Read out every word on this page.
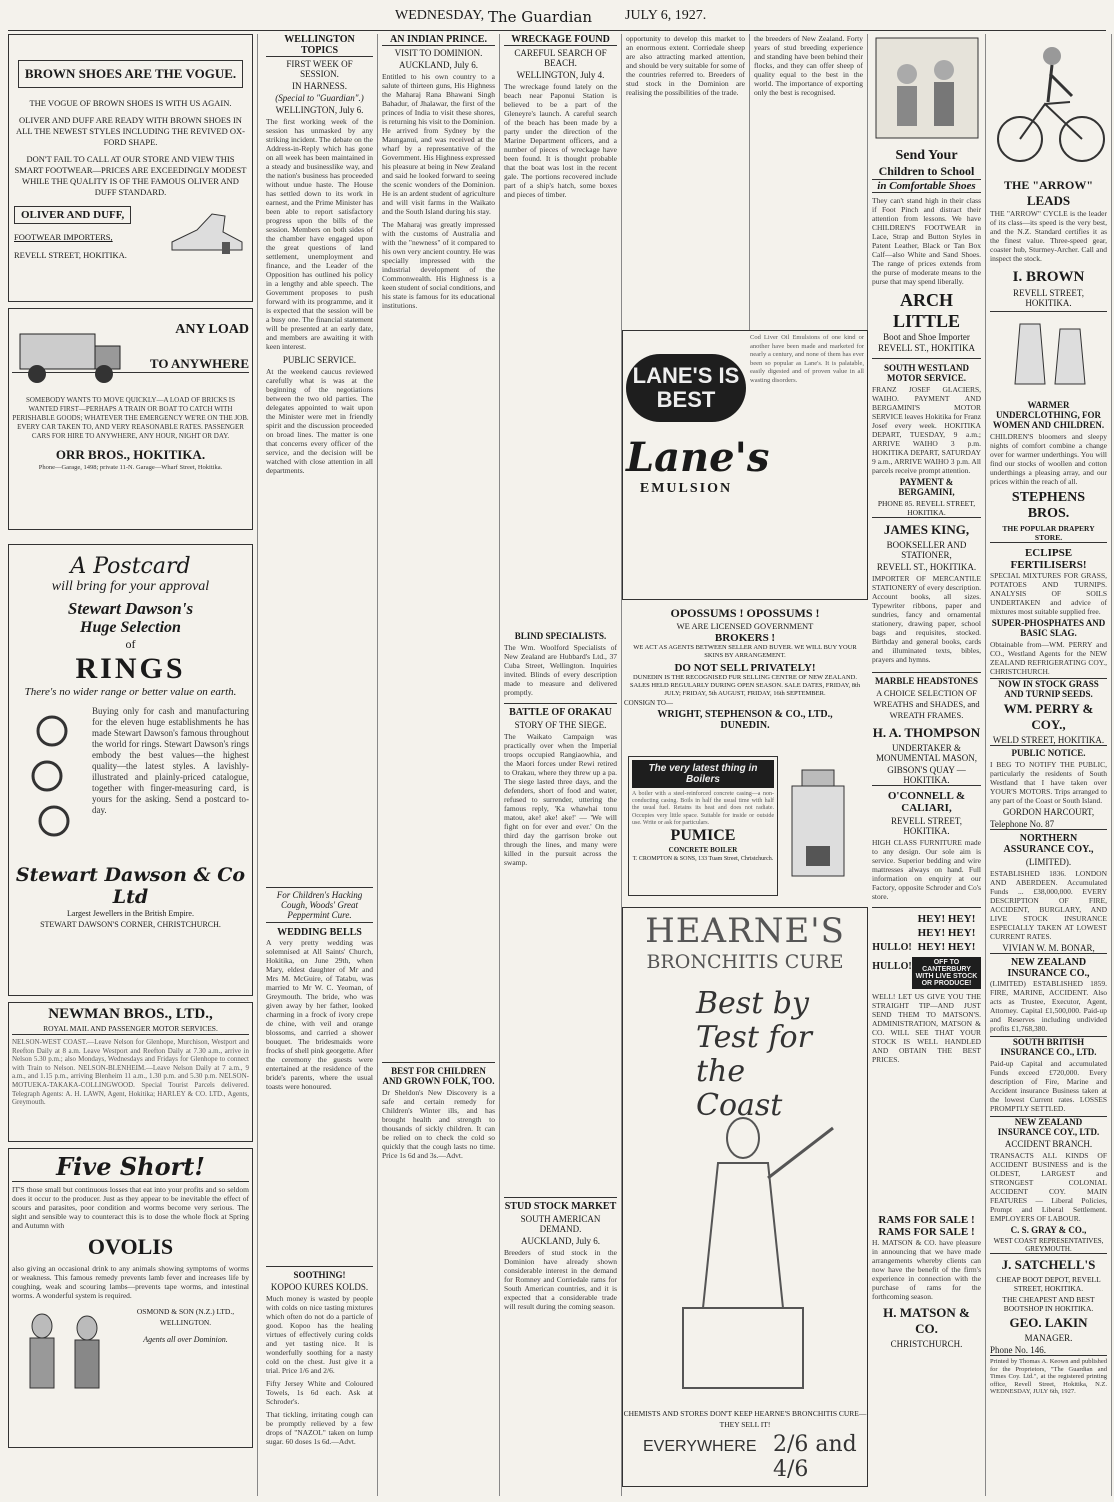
WEDNESDAY, The Guardian JULY 6, 1927.
BROWN SHOES ARE THE VOGUE.
THE VOGUE OF BROWN SHOES IS WITH US AGAIN.
OLIVER AND DUFF ARE READY WITH BROWN SHOES IN ALL THE NEWEST STYLES INCLUDING THE REVIVED OX-FORD SHAPE.
DON'T FAIL TO CALL AT OUR STORE AND VIEW THIS SMART FOOTWEAR—PRICES ARE EXCEEDINGLY MODEST WHILE THE QUALITY IS OF THE FAMOUS OLIVER AND DUFF STANDARD.
OLIVER AND DUFF,
FOOTWEAR IMPORTERS,
REVELL STREET, HOKITIKA.
ANY LOAD
TO ANYWHERE
SOMEBODY WANTS TO MOVE QUICKLY—A LOAD OF BRICKS IS WANTED FIRST—PERHAPS A TRAIN OR BOAT TO CATCH WITH PERISHABLE GOODS; WHATEVER THE EMERGENCY WE'RE ON THE JOB. EVERY CAR TAKEN TO, AND VERY REASONABLE RATES. PASSENGER CARS FOR HIRE TO ANYWHERE, ANY HOUR, NIGHT OR DAY.
ORR BROS., HOKITIKA.
Phone—Garage, 1498; private 11-N. Garage—Wharf Street, Hokitika.
A Postcard
will bring for your approval
Stewart Dawson's
Huge Selection
of
RINGS
There's no wider range or better value on earth.
Buying only for cash and manufacturing for the eleven huge establishments he has made Stewart Dawson's famous throughout the world for rings. Stewart Dawson's rings embody the best values—the highest quality—the latest styles. A lavishly-illustrated and plainly-priced catalogue, together with finger-measuring card, is yours for the asking. Send a postcard to-day.
Stewart Dawson & Co Ltd
Largest Jewellers in the British Empire.
STEWART DAWSON'S CORNER, CHRISTCHURCH.
NEWMAN BROS., LTD.,
ROYAL MAIL AND PASSENGER MOTOR SERVICES.
NELSON-WEST COAST.—Leave Nelson for Glenhope, Murchison, Westport and Reefton Daily at 8 a.m. Leave Westport and Reefton Daily at 7.30 a.m., arrive in Nelson 5.30 p.m.; also Mondays, Wednesdays and Fridays for Glenhope to connect with Train to Nelson. NELSON-BLENHEIM.—Leave Nelson Daily at 7 a.m., 9 a.m., and 1.15 p.m., arriving Blenheim 11 a.m., 1.30 p.m. and 5.30 p.m. NELSON-MOTUEKA-TAKAKA-COLLINGWOOD. Special Tourist Parcels delivered. Telegraph Agents: A. H. LAWN, Agent, Hokitika; HARLEY & CO. LTD., Agents, Greymouth.
Five Short!
IT'S those small but continuous losses that eat into your profits and so seldom does it occur to the producer. Just as they appear to be inevitable the effect of scours and parasites, poor condition and worms become very serious. The sight and sensible way to counteract this is to dose the whole flock at Spring and Autumn with
OVOLIS
also giving an occasional drink to any animals showing symptoms of worms or weakness. This famous remedy prevents lamb fever and increases life by coughing, weak and scouring lambs—prevents tape worms, and intestinal worms. A wonderful system is required.
OSMOND & SON (N.Z.) LTD., WELLINGTON.
Agents all over Dominion.
WELLINGTON TOPICS
FIRST WEEK OF SESSION.
IN HARNESS.
(Special to "Guardian".)
WELLINGTON, July 6.
The first working week of the session has unmasked by any striking incident. The debate on the Address-in-Reply which has gone on all week has been maintained in a steady and businesslike way, and the nation's business has proceeded without undue haste. The House has settled down to its work in earnest, and the Prime Minister has been able to report satisfactory progress upon the bills of the session. Members on both sides of the chamber have engaged upon the great questions of land settlement, unemployment and finance, and the Leader of the Opposition has outlined his policy in a lengthy and able speech. The Government proposes to push forward with its programme, and it is expected that the session will be a busy one. The financial statement will be presented at an early date, and members are awaiting it with keen interest.
PUBLIC SERVICE.
At the weekend caucus reviewed carefully what is was at the beginning of the negotiations between the two old parties. The delegates appointed to wait upon the Minister were met in friendly spirit and the discussion proceeded on broad lines. The matter is one that concerns every officer of the service, and the decision will be watched with close attention in all departments.
For Children's Hacking Cough, Woods' Great Peppermint Cure.
WEDDING BELLS
A very pretty wedding was solemnised at All Saints' Church, Hokitika, on June 29th, when Mary, eldest daughter of Mr and Mrs M. McGuire, of Tatabu, was married to Mr W. C. Yeoman, of Greymouth. The bride, who was given away by her father, looked charming in a frock of ivory crepe de chine, with veil and orange blossoms, and carried a shower bouquet. The bridesmaids wore frocks of shell pink georgette. After the ceremony the guests were entertained at the residence of the bride's parents, where the usual toasts were honoured.
SOOTHING!
KOPOO KURES KOLDS.
Much money is wasted by people with colds on nice tasting mixtures which often do not do a particle of good. Kopoo has the healing virtues of effectively curing colds and yet tasting nice. It is wonderfully soothing for a nasty cold on the chest. Just give it a trial. Price 1/6 and 2/6.
Fifty Jersey White and Coloured Towels, 1s 6d each. Ask at Schroder's.
That tickling, irritating cough can be promptly relieved by a few drops of "NAZOL" taken on lump sugar. 60 doses 1s 6d.—Advt.
AN INDIAN PRINCE.
VISIT TO DOMINION.
AUCKLAND, July 6.
Entitled to his own country to a salute of thirteen guns, His Highness the Maharaj Rana Bhawani Singh Bahadur, of Jhalawar, the first of the princes of India to visit these shores, is returning his visit to the Dominion. He arrived from Sydney by the Maunganui, and was received at the wharf by a representative of the Government. His Highness expressed his pleasure at being in New Zealand and said he looked forward to seeing the scenic wonders of the Dominion. He is an ardent student of agriculture and will visit farms in the Waikato and the South Island during his stay.
The Maharaj was greatly impressed with the customs of Australia and with the "newness" of it compared to his own very ancient country. He was specially impressed with the industrial development of the Commonwealth. His Highness is a keen student of social conditions, and his state is famous for its educational institutions.
BEST FOR CHILDREN AND GROWN FOLK, TOO.
Dr Sheldon's New Discovery is a safe and certain remedy for Children's Winter ills, and has brought health and strength to thousands of sickly children. It can be relied on to check the cold so quickly that the cough lasts no time. Price 1s 6d and 3s.—Advt.
WRECKAGE FOUND
CAREFUL SEARCH OF BEACH.
WELLINGTON, July 4.
The wreckage found lately on the beach near Paponui Station is believed to be a part of the Gleneyre's launch. A careful search of the beach has been made by a party under the direction of the Marine Department officers, and a number of pieces of wreckage have been found. It is thought probable that the boat was lost in the recent gale. The portions recovered include part of a ship's hatch, some boxes and pieces of timber.
BLIND SPECIALISTS.
The Wm. Woolford Specialists of New Zealand are Hubbard's Ltd., 37 Cuba Street, Wellington. Inquiries invited. Blinds of every description made to measure and delivered promptly.
BATTLE OF ORAKAU
STORY OF THE SIEGE.
The Waikato Campaign was practically over when the Imperial troops occupied Rangiaowhia, and the Maori forces under Rewi retired to Orakau, where they threw up a pa. The siege lasted three days, and the defenders, short of food and water, refused to surrender, uttering the famous reply, 'Ka whawhai tonu matou, ake! ake! ake!' — 'We will fight on for ever and ever.' On the third day the garrison broke out through the lines, and many were killed in the pursuit across the swamp.
STUD STOCK MARKET
SOUTH AMERICAN DEMAND.
AUCKLAND, July 6.
Breeders of stud stock in the Dominion have already shown considerable interest in the demand for Romney and Corriedale rams for South American countries, and it is expected that a considerable trade will result during the coming season.
opportunity to develop this market to an enormous extent. Corriedale sheep are also attracting marked attention, and should be very suitable for some of the countries referred to. Breeders of stud stock in the Dominion are realising the possibilities of the trade.
the breeders of New Zealand. Forty years of stud breeding experience and standing have been behind their flocks, and they can offer sheep of quality equal to the best in the world. The importance of exporting only the best is recognised.
LANE'S IS BEST
Lane's
EMULSION
Cod Liver Oil Emulsions of one kind or another have been made and marketed for nearly a century, and none of them has ever been so popular as Lane's. It is palatable, easily digested and of proven value in all wasting disorders.
OPOSSUMS ! OPOSSUMS !
WE ARE LICENSED GOVERNMENT
BROKERS !
WE ACT AS AGENTS BETWEEN SELLER AND BUYER. WE WILL BUY YOUR SKINS BY ARRANGEMENT.
DO NOT SELL PRIVATELY!
DUNEDIN IS THE RECOGNISED FUR SELLING CENTRE OF NEW ZEALAND.
SALES HELD REGULARLY DURING OPEN SEASON. SALE DATES, FRIDAY, 8th JULY; FRIDAY, 5th AUGUST, FRIDAY, 16th SEPTEMBER.
CONSIGN TO—
WRIGHT, STEPHENSON & CO., LTD.,
DUNEDIN.
The very latest thing in Boilers
A boiler with a steel-reinforced concrete casing—a non-conducting casing. Boils in half the usual time with half the usual fuel. Retains its heat and does not radiate. Occupies very little space. Suitable for inside or outside use. Write or ask for particulars.
PUMICE
CONCRETE BOILER
T. CROMPTON & SONS, 133 Tuam Street, Christchurch.
HEARNE'S
BRONCHITIS CURE
Best by Test for the Coast
CHEMISTS AND STORES DON'T KEEP HEARNE'S BRONCHITIS CURE—THEY SELL IT!
EVERYWHERE 2/6 and 4/6
Send Your
Children to School
in Comfortable Shoes
They can't stand high in their class if Foot Pinch and distract their attention from lessons. We have CHILDREN'S FOOTWEAR in Lace, Strap and Button Styles in Patent Leather, Black or Tan Box Calf—also White and Sand Shoes. The range of prices extends from the purse of moderate means to the purse that may spend liberally.
ARCH LITTLE
Boot and Shoe Importer
REVELL ST., HOKITIKA
SOUTH WESTLAND MOTOR SERVICE.
FRANZ JOSEF GLACIERS, WAIHO. PAYMENT AND BERGAMINI'S MOTOR SERVICE leaves Hokitika for Franz Josef every week. HOKITIKA DEPART, TUESDAY, 9 a.m.; ARRIVE WAIHO 3 p.m. HOKITIKA DEPART, SATURDAY 9 a.m., ARRIVE WAIHO 3 p.m. All parcels receive prompt attention.
PAYMENT & BERGAMINI,
PHONE 85. REVELL STREET, HOKITIKA.
JAMES KING,
BOOKSELLER AND STATIONER,
REVELL ST., HOKITIKA.
IMPORTER OF MERCANTILE STATIONERY of every description. Account books, all sizes. Typewriter ribbons, paper and sundries, fancy and ornamental stationery, drawing paper, school bags and requisites, stocked. Birthday and general books, cards and illuminated texts, bibles, prayers and hymns.
MARBLE HEADSTONES
A CHOICE SELECTION OF WREATHS and SHADES, and WREATH FRAMES.
H. A. THOMPSON
UNDERTAKER & MONUMENTAL MASON,
GIBSON'S QUAY — HOKITIKA.
O'CONNELL & CALIARI,
REVELL STREET, HOKITIKA.
HIGH CLASS FURNITURE made to any design. Our sole aim is service. Superior bedding and wire mattresses always on hand. Full information on enquiry at our Factory, opposite Schroder and Co's store.
HULLO!
HULLO!
HEY! HEY! HEY! HEY! HEY! HEY!
OFF TO CANTERBURY WITH LIVE STOCK OR PRODUCE!
WELL! LET US GIVE YOU THE STRAIGHT TIP—AND JUST SEND THEM TO MATSON'S. ADMINISTRATION, MATSON & CO. WILL SEE THAT YOUR STOCK IS WELL HANDLED AND OBTAIN THE BEST PRICES.
RAMS FOR SALE !
RAMS FOR SALE !
H. MATSON & CO. have pleasure in announcing that we have made arrangements whereby clients can now have the benefit of the firm's experience in connection with the purchase of rams for the forthcoming season.
H. MATSON & CO.
CHRISTCHURCH.
THE "ARROW"
LEADS
THE "ARROW" CYCLE is the leader of its class—its speed is the very best, and the N.Z. Standard certifies it as the finest value. Three-speed gear, coaster hub, Sturmey-Archer. Call and inspect the stock.
I. BROWN
REVELL STREET, HOKITIKA.
WARMER UNDERCLOTHING, FOR WOMEN AND CHILDREN.
CHILDREN'S bloomers and sleepy nights of comfort combine a change over for warmer underthings. You will find our stocks of woollen and cotton underthings a pleasing array, and our prices within the reach of all.
STEPHENS BROS.
THE POPULAR DRAPERY STORE.
ECLIPSE FERTILISERS!
SPECIAL MIXTURES FOR GRASS, POTATOES AND TURNIPS. ANALYSIS OF SOILS UNDERTAKEN and advice of mixtures most suitable supplied free.
SUPER-PHOSPHATES AND BASIC SLAG.
Obtainable from—WM. PERRY and CO., Westland Agents for the NEW ZEALAND REFRIGERATING COY., CHRISTCHURCH.
NOW IN STOCK GRASS AND TURNIP SEEDS.
WM. PERRY & COY.,
WELD STREET, HOKITIKA.
PUBLIC NOTICE.
I BEG TO NOTIFY THE PUBLIC, particularly the residents of South Westland that I have taken over YOUR'S MOTORS. Trips arranged to any part of the Coast or South Island.
GORDON HARCOURT,
Telephone No. 87
NORTHERN ASSURANCE COY.,
(LIMITED).
ESTABLISHED 1836. LONDON AND ABERDEEN. Accumulated Funds ... £38,000,000. EVERY DESCRIPTION OF FIRE, ACCIDENT, BURGLARY, AND LIVE STOCK INSURANCE ESPECIALLY TAKEN AT LOWEST CURRENT RATES.
VIVIAN W. M. BONAR,
NEW ZEALAND INSURANCE CO.,
(LIMITED) ESTABLISHED 1859. FIRE, MARINE, ACCIDENT. Also acts as Trustee, Executor, Agent, Attorney. Capital £1,500,000. Paid-up and Reserves including undivided profits £1,768,380.
SOUTH BRITISH INSURANCE CO., LTD.
Paid-up Capital and accumulated Funds exceed £720,000. Every description of Fire, Marine and Accident insurance Business taken at the lowest Current rates. LOSSES PROMPTLY SETTLED.
NEW ZEALAND INSURANCE COY., LTD.
ACCIDENT BRANCH.
TRANSACTS ALL KINDS OF ACCIDENT BUSINESS and is the OLDEST, LARGEST and STRONGEST COLONIAL ACCIDENT COY. MAIN FEATURES — Liberal Policies, Prompt and Liberal Settlement. EMPLOYERS OF LABOUR.
C. S. GRAY & CO.,
WEST COAST REPRESENTATIVES, GREYMOUTH.
J. SATCHELL'S
CHEAP BOOT DEPOT, REVELL STREET, HOKITIKA.
THE CHEAPEST AND BEST BOOTSHOP IN HOKITIKA.
GEO. LAKIN
MANAGER.
Phone No. 146.
Printed by Thomas A. Keown and published for the Proprietors, "The Guardian and Times Coy. Ltd.", at the registered printing office, Revell Street, Hokitika, N.Z. WEDNESDAY, JULY 6th, 1927.
